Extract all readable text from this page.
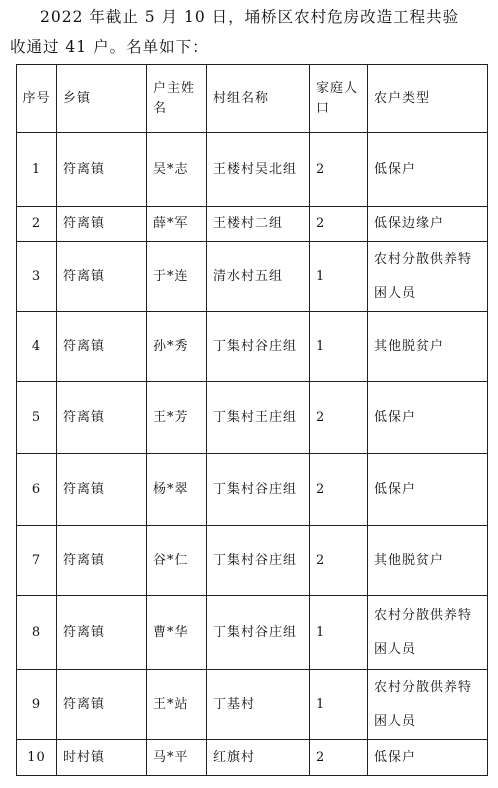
2022 年截止 5 月 10 日，埇桥区农村危房改造工程共验
收通过 41 户。名单如下：
序号	乡镇	户主姓名	村组名称	家庭人口	农户类型
1	符离镇	吴*志	王楼村吴北组	2	低保户
2	符离镇	薛*军	王楼村二组	2	低保边缘户
3	符离镇	于*连	清水村五组	1	农村分散供养特困人员
4	符离镇	孙*秀	丁集村谷庄组	1	其他脱贫户
5	符离镇	王*芳	丁集村王庄组	2	低保户
6	符离镇	杨*翠	丁集村谷庄组	2	低保户
7	符离镇	谷*仁	丁集村谷庄组	2	其他脱贫户
8	符离镇	曹*华	丁集村谷庄组	1	农村分散供养特困人员
9	符离镇	王*站	丁基村	1	农村分散供养特困人员
10	时村镇	马*平	红旗村	2	低保户
